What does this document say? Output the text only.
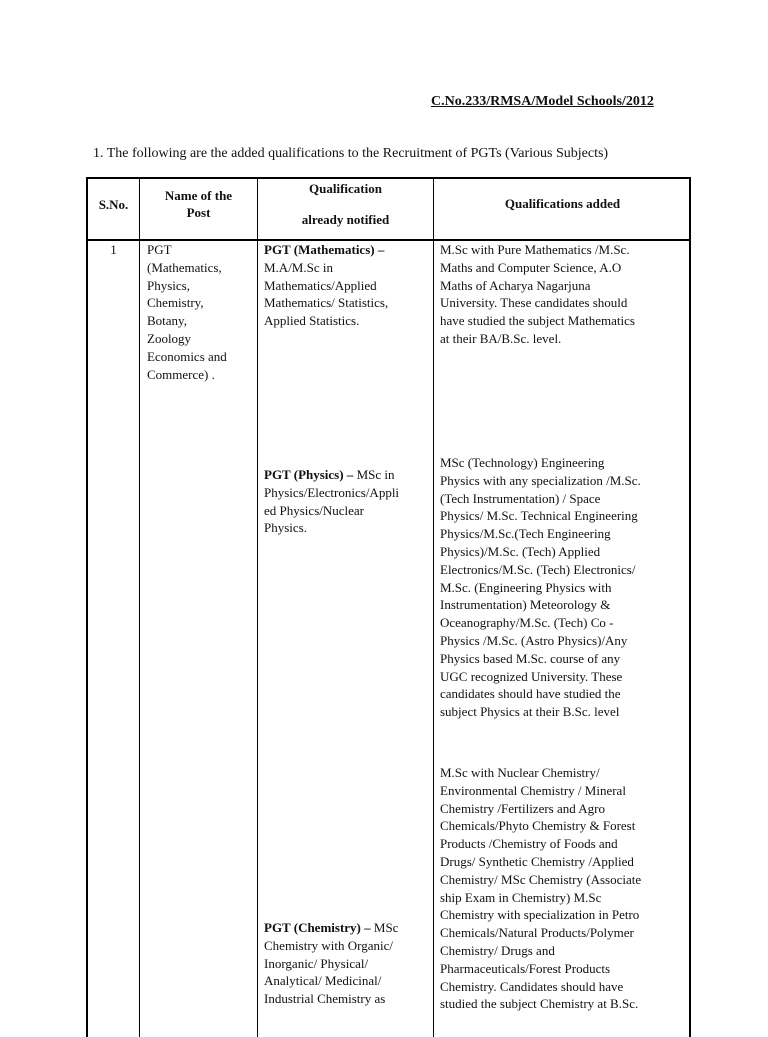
C.No.233/RMSA/Model Schools/2012
1. The following are the added qualifications to the Recruitment of PGTs (Various Subjects)
S.No.
Name of the
Post
Qualification
already notified
Qualifications added
1	PGT
(Mathematics,
Physics,
Chemistry,
Botany,
Zoology
Economics and
Commerce) .
PGT (Mathematics) –
M.A/M.Sc in
Mathematics/Applied
Mathematics/ Statistics,
Applied Statistics.
M.Sc with Pure Mathematics /M.Sc.
Maths and Computer Science, A.O
Maths of Acharya Nagarjuna
University. These candidates should
have studied the subject Mathematics
at their BA/B.Sc. level.
PGT (Physics) – MSc in
Physics/Electronics/Appli
ed Physics/Nuclear
Physics.
MSc (Technology) Engineering
Physics with any specialization /M.Sc.
(Tech Instrumentation) / Space
Physics/ M.Sc. Technical Engineering
Physics/M.Sc.(Tech Engineering
Physics)/M.Sc. (Tech) Applied
Electronics/M.Sc. (Tech) Electronics/
M.Sc. (Engineering Physics with
Instrumentation) Meteorology &
Oceanography/M.Sc. (Tech) Co -
Physics /M.Sc. (Astro Physics)/Any
Physics based M.Sc. course of any
UGC recognized University. These
candidates should have studied the
subject Physics at their B.Sc. level
PGT (Chemistry) – MSc
Chemistry with Organic/
Inorganic/ Physical/
Analytical/ Medicinal/
Industrial Chemistry as
M.Sc with Nuclear Chemistry/
Environmental Chemistry / Mineral
Chemistry /Fertilizers and Agro
Chemicals/Phyto Chemistry & Forest
Products /Chemistry of Foods and
Drugs/ Synthetic Chemistry /Applied
Chemistry/ MSc Chemistry (Associate
ship Exam in Chemistry) M.Sc
Chemistry with specialization in Petro
Chemicals/Natural Products/Polymer
Chemistry/ Drugs and
Pharmaceuticals/Forest Products
Chemistry. Candidates should have
studied the subject Chemistry at B.Sc.
